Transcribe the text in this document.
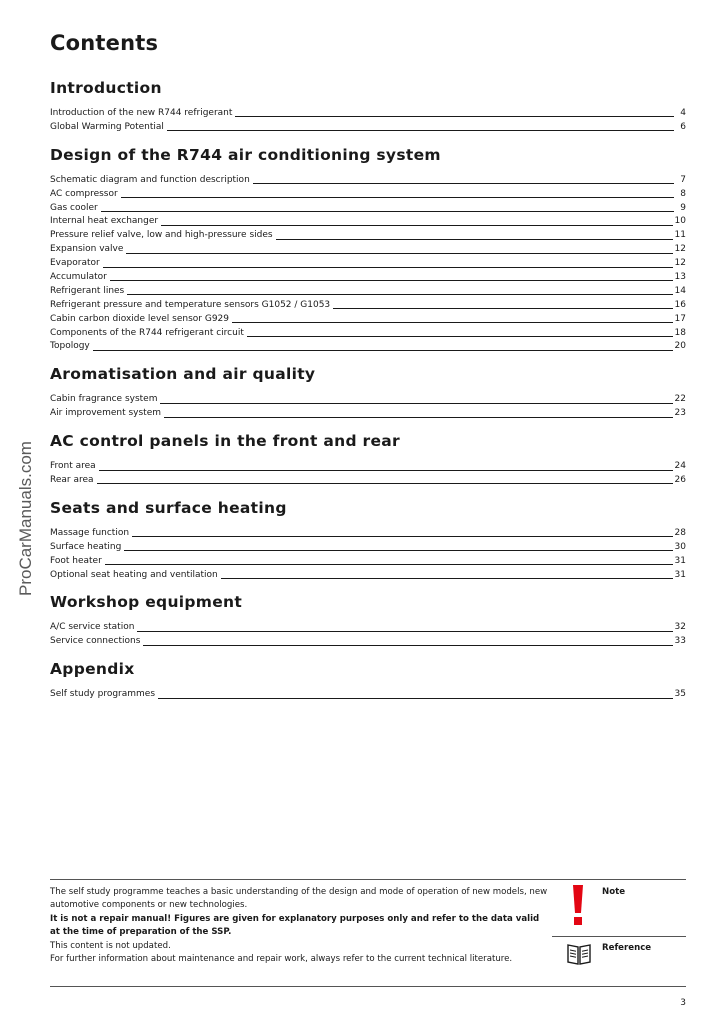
Contents
Introduction
Introduction of the new R744 refrigerant	4
Global Warming Potential	6
Design of the R744 air conditioning system
Schematic diagram and function description	7
AC compressor	8
Gas cooler	9
Internal heat exchanger	10
Pressure relief valve, low and high-pressure sides	11
Expansion valve	12
Evaporator	12
Accumulator	13
Refrigerant lines	14
Refrigerant pressure and temperature sensors G1052 / G1053	16
Cabin carbon dioxide level sensor G929	17
Components of the R744 refrigerant circuit	18
Topology	20
Aromatisation and air quality
Cabin fragrance system	22
Air improvement system	23
AC control panels in the front and rear
Front area	24
Rear area	26
Seats and surface heating
Massage function	28
Surface heating	30
Foot heater	31
Optional seat heating and ventilation	31
Workshop equipment
A/C service station	32
Service connections	33
Appendix
Self study programmes	35
ProCarManuals.com

The self study programme teaches a basic understanding of the design and mode of operation of new models, new automotive components or new technologies.

It is not a repair manual! Figures are given for explanatory purposes only and refer to the data valid at the time of preparation of the SSP.

This content is not updated.

For further information about maintenance and repair work, always refer to the current technical literature.

Note
Reference
3
